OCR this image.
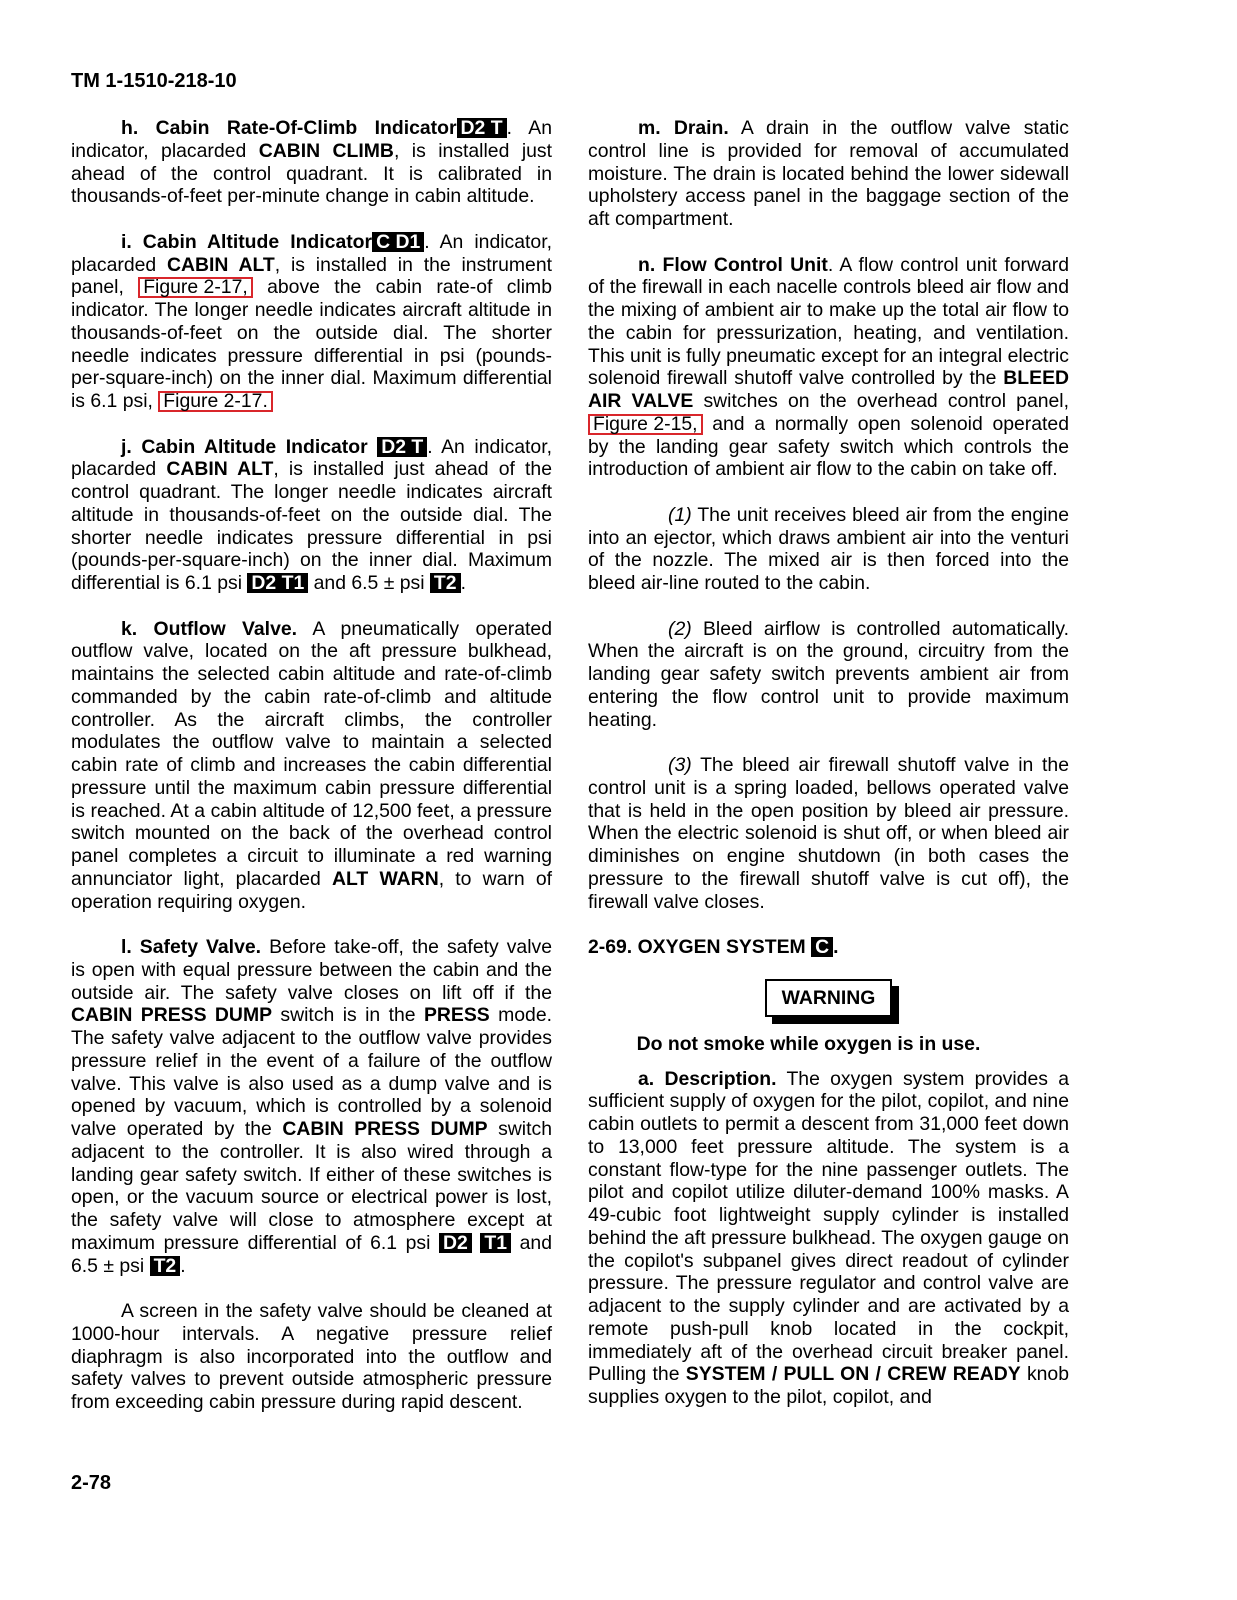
TM 1-1510-218-10

h. Cabin Rate-Of-Climb Indicator D2 T . An indicator, placarded CABIN CLIMB, is installed just ahead of the control quadrant. It is calibrated in thousands-of-feet per-minute change in cabin altitude.

i. Cabin Altitude Indicator C D1 . An indicator, placarded CABIN ALT, is installed in the instrument panel, Figure 2-17, above the cabin rate-of climb indicator. The longer needle indicates aircraft altitude in thousands-of-feet on the outside dial. The shorter needle indicates pressure differential in psi (pounds-per-square-inch) on the inner dial. Maximum differential is 6.1 psi, Figure 2-17.

j. Cabin Altitude Indicator D2 T . An indicator, placarded CABIN ALT, is installed just ahead of the control quadrant. The longer needle indicates aircraft altitude in thousands-of-feet on the outside dial. The shorter needle indicates pressure differential in psi (pounds-per-square-inch) on the inner dial. Maximum differential is 6.1 psi D2 T1 and 6.5 ± psi T2 .

k. Outflow Valve. A pneumatically operated outflow valve, located on the aft pressure bulkhead, maintains the selected cabin altitude and rate-of-climb commanded by the cabin rate-of-climb and altitude controller. As the aircraft climbs, the controller modulates the outflow valve to maintain a selected cabin rate of climb and increases the cabin differential pressure until the maximum cabin pressure differential is reached. At a cabin altitude of 12,500 feet, a pressure switch mounted on the back of the overhead control panel completes a circuit to illuminate a red warning annunciator light, placarded ALT WARN, to warn of operation requiring oxygen.

l. Safety Valve. Before take-off, the safety valve is open with equal pressure between the cabin and the outside air. The safety valve closes on lift off if the CABIN PRESS DUMP switch is in the PRESS mode. The safety valve adjacent to the outflow valve provides pressure relief in the event of a failure of the outflow valve. This valve is also used as a dump valve and is opened by vacuum, which is controlled by a solenoid valve operated by the CABIN PRESS DUMP switch adjacent to the controller. It is also wired through a landing gear safety switch. If either of these switches is open, or the vacuum source or electrical power is lost, the safety valve will close to atmosphere except at maximum pressure differential of 6.1 psi D2 T1 and 6.5 ± psi T2 .

A screen in the safety valve should be cleaned at 1000-hour intervals. A negative pressure relief diaphragm is also incorporated into the outflow and safety valves to prevent outside atmospheric pressure from exceeding cabin pressure during rapid descent.

m. Drain. A drain in the outflow valve static control line is provided for removal of accumulated moisture. The drain is located behind the lower sidewall upholstery access panel in the baggage section of the aft compartment.

n. Flow Control Unit. A flow control unit forward of the firewall in each nacelle controls bleed air flow and the mixing of ambient air to make up the total air flow to the cabin for pressurization, heating, and ventilation. This unit is fully pneumatic except for an integral electric solenoid firewall shutoff valve controlled by the BLEED AIR VALVE switches on the overhead control panel, Figure 2-15, and a normally open solenoid operated by the landing gear safety switch which controls the introduction of ambient air flow to the cabin on take off.

(1) The unit receives bleed air from the engine into an ejector, which draws ambient air into the venturi of the nozzle. The mixed air is then forced into the bleed air-line routed to the cabin.

(2) Bleed airflow is controlled automatically. When the aircraft is on the ground, circuitry from the landing gear safety switch prevents ambient air from entering the flow control unit to provide maximum heating.

(3) The bleed air firewall shutoff valve in the control unit is a spring loaded, bellows operated valve that is held in the open position by bleed air pressure. When the electric solenoid is shut off, or when bleed air diminishes on engine shutdown (in both cases the pressure to the firewall shutoff valve is cut off), the firewall valve closes.

2-69. OXYGEN SYSTEM C .
WARNING

Do not smoke while oxygen is in use.

a. Description. The oxygen system provides a sufficient supply of oxygen for the pilot, copilot, and nine cabin outlets to permit a descent from 31,000 feet down to 13,000 feet pressure altitude. The system is a constant flow-type for the nine passenger outlets. The pilot and copilot utilize diluter-demand 100% masks. A 49-cubic foot lightweight supply cylinder is installed behind the aft pressure bulkhead. The oxygen gauge on the copilot's subpanel gives direct readout of cylinder pressure. The pressure regulator and control valve are adjacent to the supply cylinder and are activated by a remote push-pull knob located in the cockpit, immediately aft of the overhead circuit breaker panel. Pulling the SYSTEM / PULL ON / CREW READY knob supplies oxygen to the pilot, copilot, and

2-78
